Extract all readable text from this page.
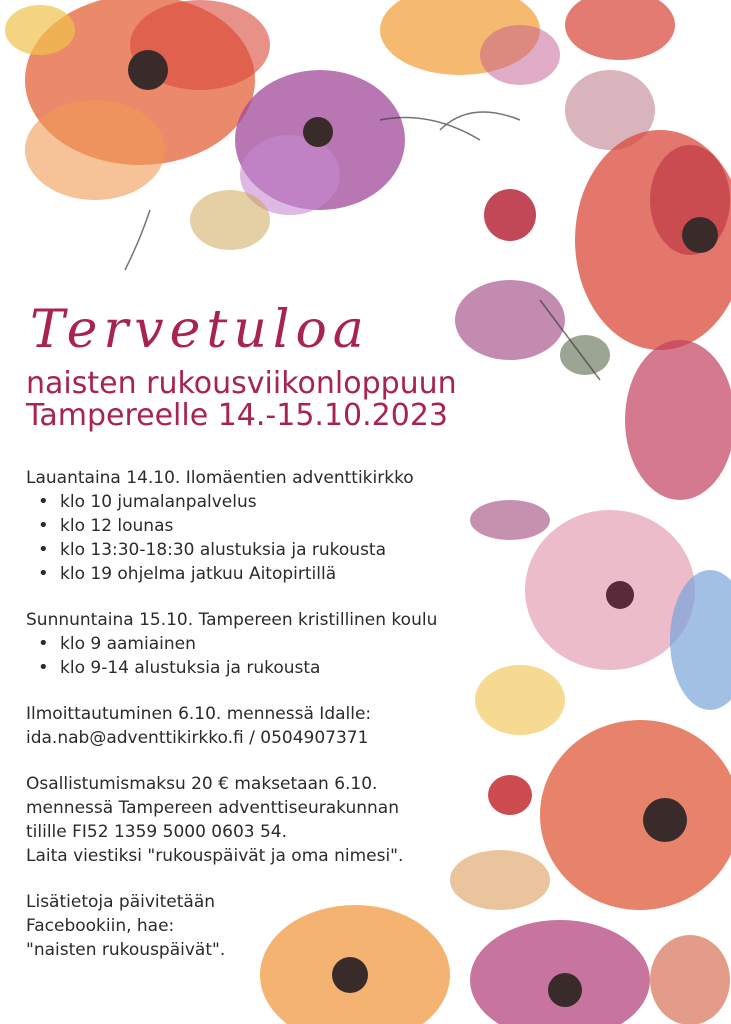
Tervetuloa
naisten rukousviikonloppuun
Tampereelle 14.-15.10.2023

Lauantaina 14.10. Ilomäentien adventtikirkko

• klo 10 jumalanpalvelus
• klo 12 lounas
• klo 13:30-18:30 alustuksia ja rukousta
• klo 19 ohjelma jatkuu Aitopirtillä

Sunnuntaina 15.10. Tampereen kristillinen koulu

• klo 9 aamiainen
• klo 9-14 alustuksia ja rukousta

Ilmoittautuminen 6.10. mennessä Idalle:

ida.nab@adventtikirkko.fi / 0504907371

Osallistumismaksu 20 € maksetaan 6.10.

mennessä Tampereen adventtiseurakunnan

tilille FI52 1359 5000 0603 54.

Laita viestiksi "rukouspäivät ja oma nimesi".

Lisätietoja päivitetään

Facebookiin, hae:

"naisten rukouspäivät".
